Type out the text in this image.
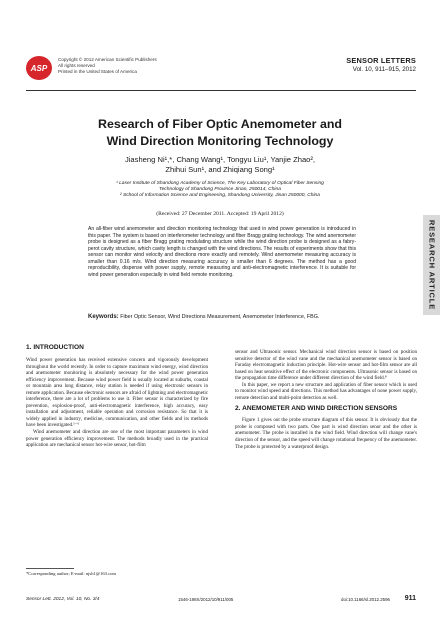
ASP
Copyright © 2012 American Scientific Publishers
All rights reserved
Printed in the United States of America
SENSOR LETTERS
Vol. 10, 911–915, 2012
RESEARCH ARTICLE
Research of Fiber Optic Anemometer and
Wind Direction Monitoring Technology
Jiasheng Ni¹,*, Chang Wang¹, Tongyu Liu¹, Yanjie Zhao²,
Zhihui Sun¹, and Zhiqiang Song¹
¹ Laser Institute of Shandong Academy of Science, The Key Laboratory of Optical Fiber Sensing
Technology of Shandong Province Jinan, 250014, China
² School of Information Science and Engineering, Shandong University, Jinan 250000, China
(Received: 27 December 2011. Accepted: 19 April 2012)
An all-fiber wind anemometer and direction monitoring technology that used in wind power generation is introduced in this paper. The system is based on interferometer technology and fiber Bragg grating technology. The wind anemometer probe is designed as a fiber Bragg grating modulating structure while the wind direction probe is designed as a fabry-perot cavity structure, which cavity length is changed with the wind directions. The results of experiments show that this sensor can monitor wind velocity and directions more exactly and remotely. Wind anemometer measuring accuracy is smaller than 0.16 m/s. Wind direction measuring accuracy is smaller than 6 degrees. The method has a good reproducibility, dispense with power supply, remote measuring and anti-electromagnetic interference. It is suitable for wind power generation especially in wind field remote monitoring.
Keywords: Fiber Optic Sensor, Wind Directions Measurement, Anemometer Interference, FBG.
1. INTRODUCTION

Wind power generation has received extensive concern and vigorously development throughout the world recently. In order to capture maximum wind energy, wind direction and anemometer monitoring is absolutely necessary for the wind power generation efficiency improvement. Because wind power field is usually located at suburbs, coastal or mountain area long distance, relay station is needed if using electronic sensors in remote application. Because electronic sensors are afraid of lightning and electromagnetic interference, there are a lot of problems to use it. Fiber sensor is characterized by fire prevention, explosion-proof, anti-electromagnetic interference, high accuracy, easy installation and adjustment, reliable operation and corrosion resistance. So that it is widely applied in industry, medicine, communication, and other fields and its methods have been investigated.¹⁻⁶

Wind anemometer and direction are one of the most important parameters in wind power generation efficiency improvement. The methods broadly used in the practical application are mechanical sensor hot-wire sensor, hot-film

sensor and Ultrasonic sensor. Mechanical wind direction sensor is based on position sensitive detector of the wind vane and the mechanical anemometer sensor is based on Faraday electromagnetic induction principle. Hot-wire sensor and hot-film sensor are all based on heat sensitive effect of the electronic components. Ultrasonic sensor is based on the propagation time difference under different direction of the wind field.⁸

In this paper, we report a new structure and application of fiber sensor which is used to monitor wind speed and directions. This method has advantages of none power supply, remote detection and multi-point detection as well.

2. ANEMOMETER AND WIND DIRECTION SENSORS

Figure 1 gives out the probe structure diagram of this sensor. It is obviously that the probe is composed with two parts. One part is wind direction senor and the other is anemometer. The probe is installed in the wind field. Wind direction will change vane's direction of the sensor, and the speed will change rotational frequency of the anemometer. The probe is protected by a waterproof design.

*Corresponding author; E-mail: njsh1@163.com
Sensor Lett. 2012, Vol. 10, No. 3/4	1546-198X/2012/10/911/005	doi:10.1166/sl.2012.2596 911
